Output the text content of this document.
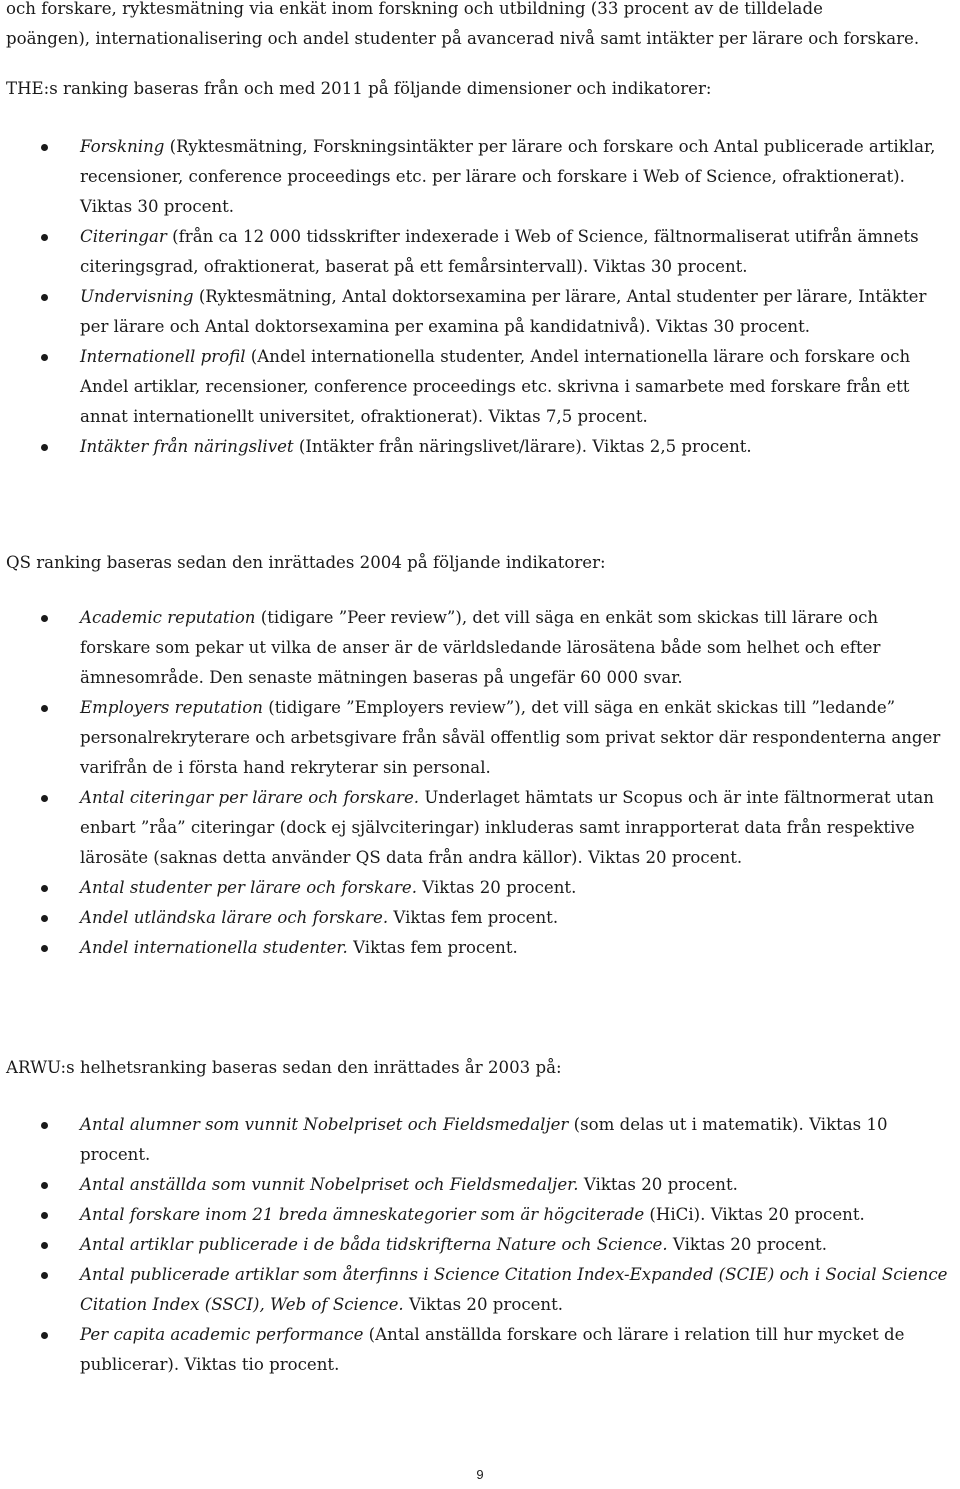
och forskare, ryktesmätning via enkät inom forskning och utbildning (33 procent av de tilldelade
poängen), internationalisering och andel studenter på avancerad nivå samt intäkter per lärare och forskare.

THE:s ranking baseras från och med 2011 på följande dimensioner och indikatorer:

Forskning (Ryktesmätning, Forskningsintäkter per lärare och forskare och Antal publicerade artiklar, recensioner, conference proceedings etc. per lärare och forskare i Web of Science, ofraktionerat). Viktas 30 procent.
Citeringar (från ca 12 000 tidsskrifter indexerade i Web of Science, fältnormaliserat utifrån ämnets citeringsgrad, ofraktionerat, baserat på ett femårsintervall). Viktas 30 procent.
Undervisning (Ryktesmätning, Antal doktorsexamina per lärare, Antal studenter per lärare, Intäkter per lärare och Antal doktorsexamina per examina på kandidatnivå). Viktas 30 procent.
Internationell profil (Andel internationella studenter, Andel internationella lärare och forskare och Andel artiklar, recensioner, conference proceedings etc. skrivna i samarbete med forskare från ett annat internationellt universitet, ofraktionerat). Viktas 7,5 procent.
Intäkter från näringslivet (Intäkter från näringslivet/lärare). Viktas 2,5 procent.

QS ranking baseras sedan den inrättades 2004 på följande indikatorer:

Academic reputation (tidigare ”Peer review”), det vill säga en enkät som skickas till lärare och forskare som pekar ut vilka de anser är de världsledande lärosätena både som helhet och efter ämnesområde. Den senaste mätningen baseras på ungefär 60 000 svar.
Employers reputation (tidigare ”Employers review”), det vill säga en enkät skickas till ”ledande” personalrekryterare och arbetsgivare från såväl offentlig som privat sektor där respondenterna anger varifrån de i första hand rekryterar sin personal.
Antal citeringar per lärare och forskare. Underlaget hämtats ur Scopus och är inte fältnormerat utan enbart ”råa” citeringar (dock ej självciteringar) inkluderas samt inrapporterat data från respektive lärosäte (saknas detta använder QS data från andra källor). Viktas 20 procent.
Antal studenter per lärare och forskare. Viktas 20 procent.
Andel utländska lärare och forskare. Viktas fem procent.
Andel internationella studenter. Viktas fem procent.

ARWU:s helhetsranking baseras sedan den inrättades år 2003 på:

Antal alumner som vunnit Nobelpriset och Fieldsmedaljer (som delas ut i matematik). Viktas 10 procent.
Antal anställda som vunnit Nobelpriset och Fieldsmedaljer. Viktas 20 procent.
Antal forskare inom 21 breda ämneskategorier som är högciterade (HiCi). Viktas 20 procent.
Antal artiklar publicerade i de båda tidskrifterna Nature och Science. Viktas 20 procent.
Antal publicerade artiklar som återfinns i Science Citation Index-Expanded (SCIE) och i Social Science Citation Index (SSCI), Web of Science. Viktas 20 procent.
Per capita academic performance (Antal anställda forskare och lärare i relation till hur mycket de publicerar). Viktas tio procent.
9
